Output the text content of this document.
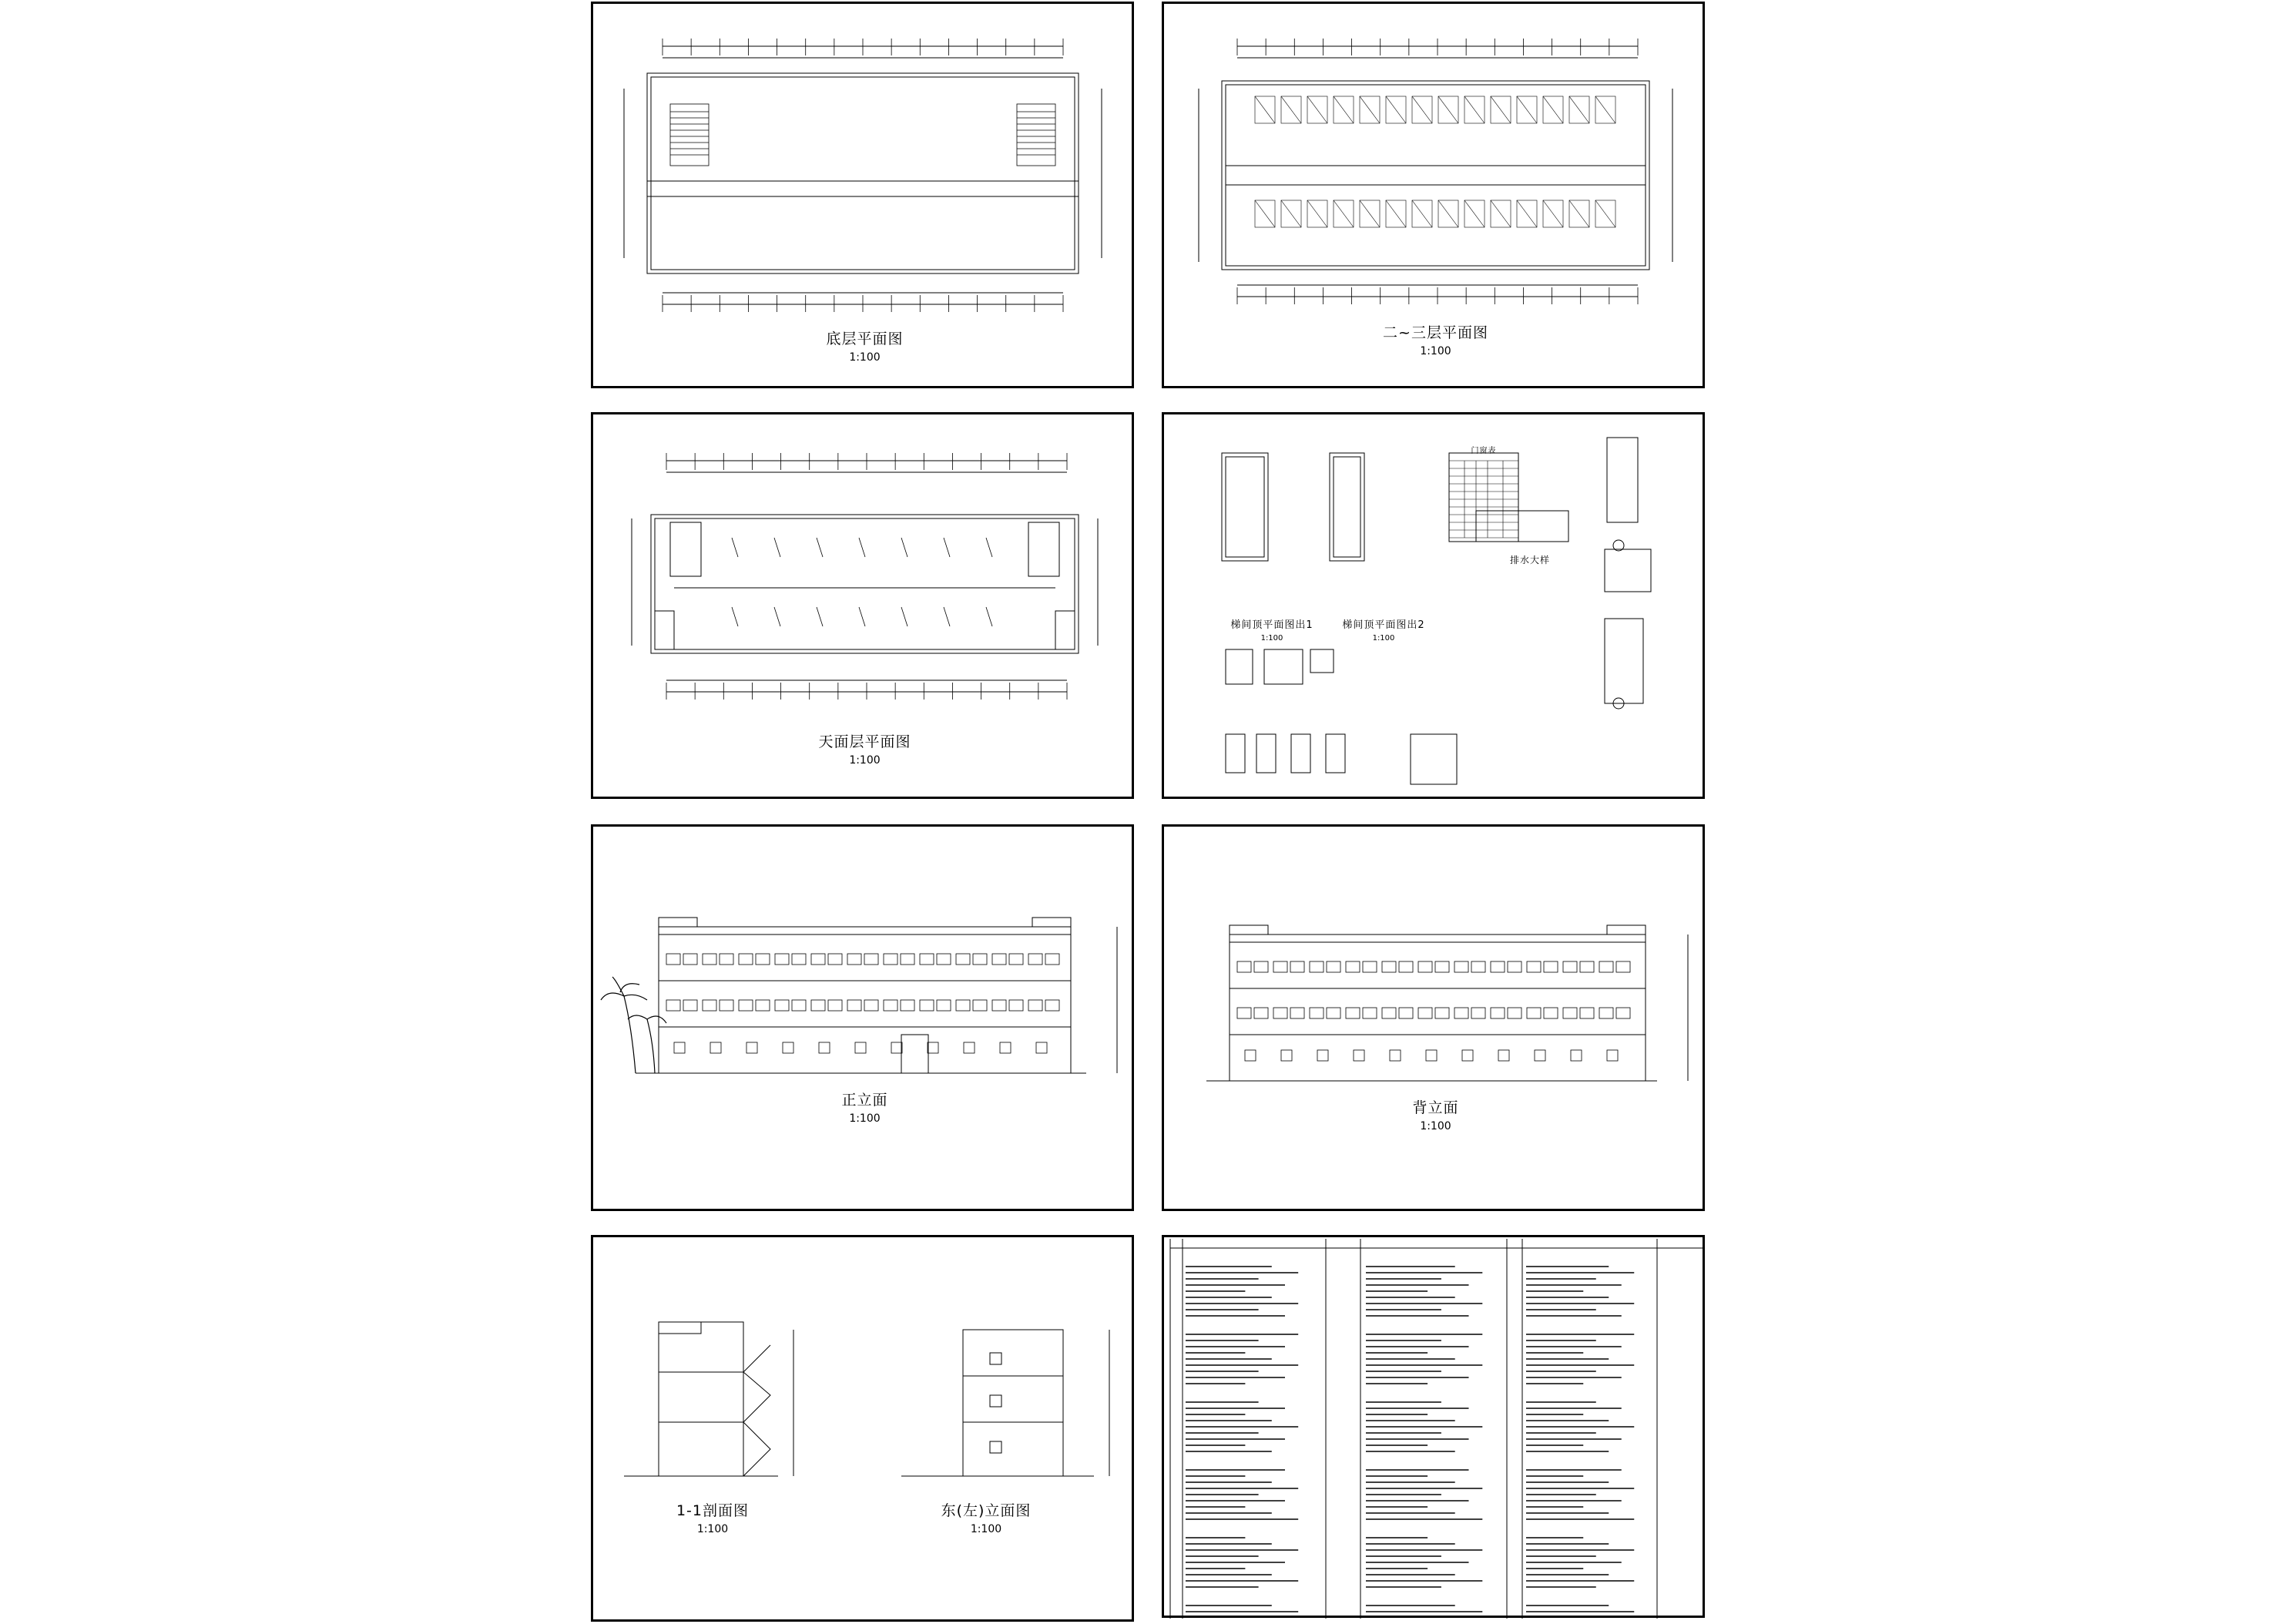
底层平面图
1:100
二~三层平面图
1:100
天面层平面图
1:100
梯间顶平面图出1
1:100
梯间顶平面图出2
1:100
排水大样
门窗表
正立面
1:100
背立面
1:100
1-1剖面图
1:100
东(左)立面图
1:100
